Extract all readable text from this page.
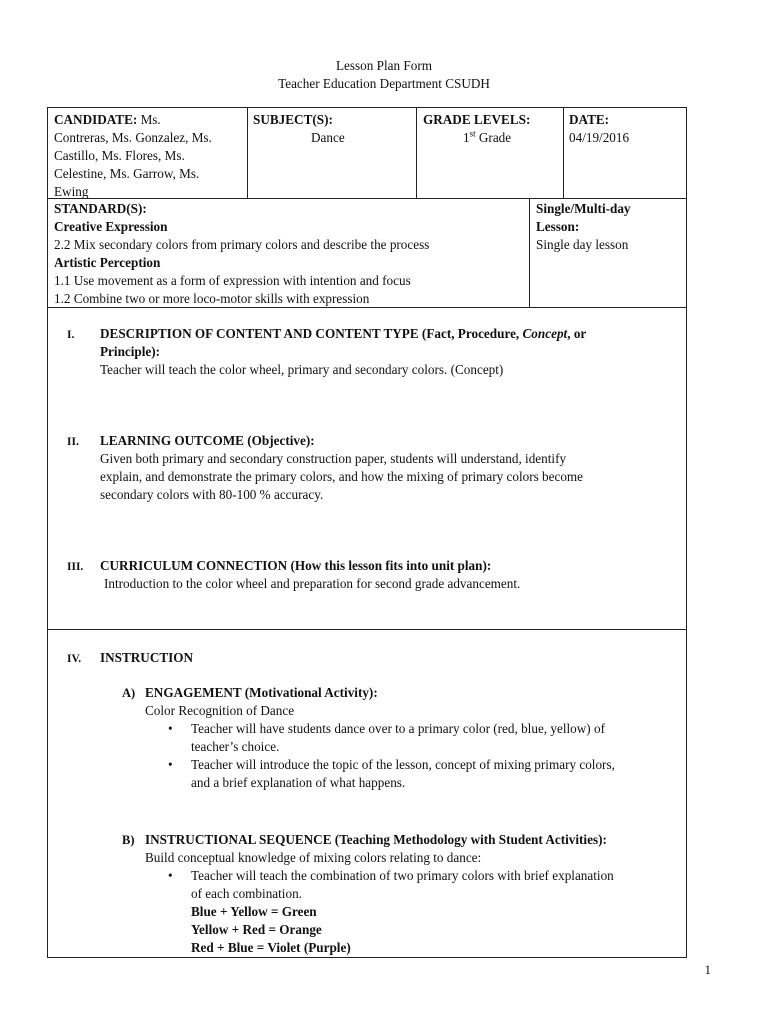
Lesson Plan Form
Teacher Education Department CSUDH
CANDIDATE: Ms.
Contreras, Ms. Gonzalez, Ms.
Castillo, Ms. Flores, Ms.
Celestine, Ms. Garrow, Ms.
Ewing
SUBJECT(S):
Dance
GRADE LEVELS:
1st Grade
DATE:
04/19/2016
STANDARD(S):
Creative Expression
2.2 Mix secondary colors from primary colors and describe the process
Artistic Perception
1.1 Use movement as a form of expression with intention and focus
1.2 Combine two or more loco-motor skills with expression
Single/Multi-day
Lesson:
Single day lesson
I. DESCRIPTION OF CONTENT AND CONTENT TYPE (Fact, Procedure, Concept, or
Principle):
Teacher will teach the color wheel, primary and secondary colors. (Concept)
II. LEARNING OUTCOME (Objective):
Given both primary and secondary construction paper, students will understand, identify
explain, and demonstrate the primary colors, and how the mixing of primary colors become
secondary colors with 80-100 % accuracy.
III. CURRICULUM CONNECTION (How this lesson fits into unit plan):
Introduction to the color wheel and preparation for second grade advancement.
IV. INSTRUCTION
A) ENGAGEMENT (Motivational Activity):
Color Recognition of Dance
• Teacher will have students dance over to a primary color (red, blue, yellow) of
teacher’s choice.
• Teacher will introduce the topic of the lesson, concept of mixing primary colors,
and a brief explanation of what happens.
B) INSTRUCTIONAL SEQUENCE (Teaching Methodology with Student Activities):
Build conceptual knowledge of mixing colors relating to dance:
• Teacher will teach the combination of two primary colors with brief explanation
of each combination.
Blue + Yellow = Green
Yellow + Red = Orange
Red + Blue = Violet (Purple)
1
